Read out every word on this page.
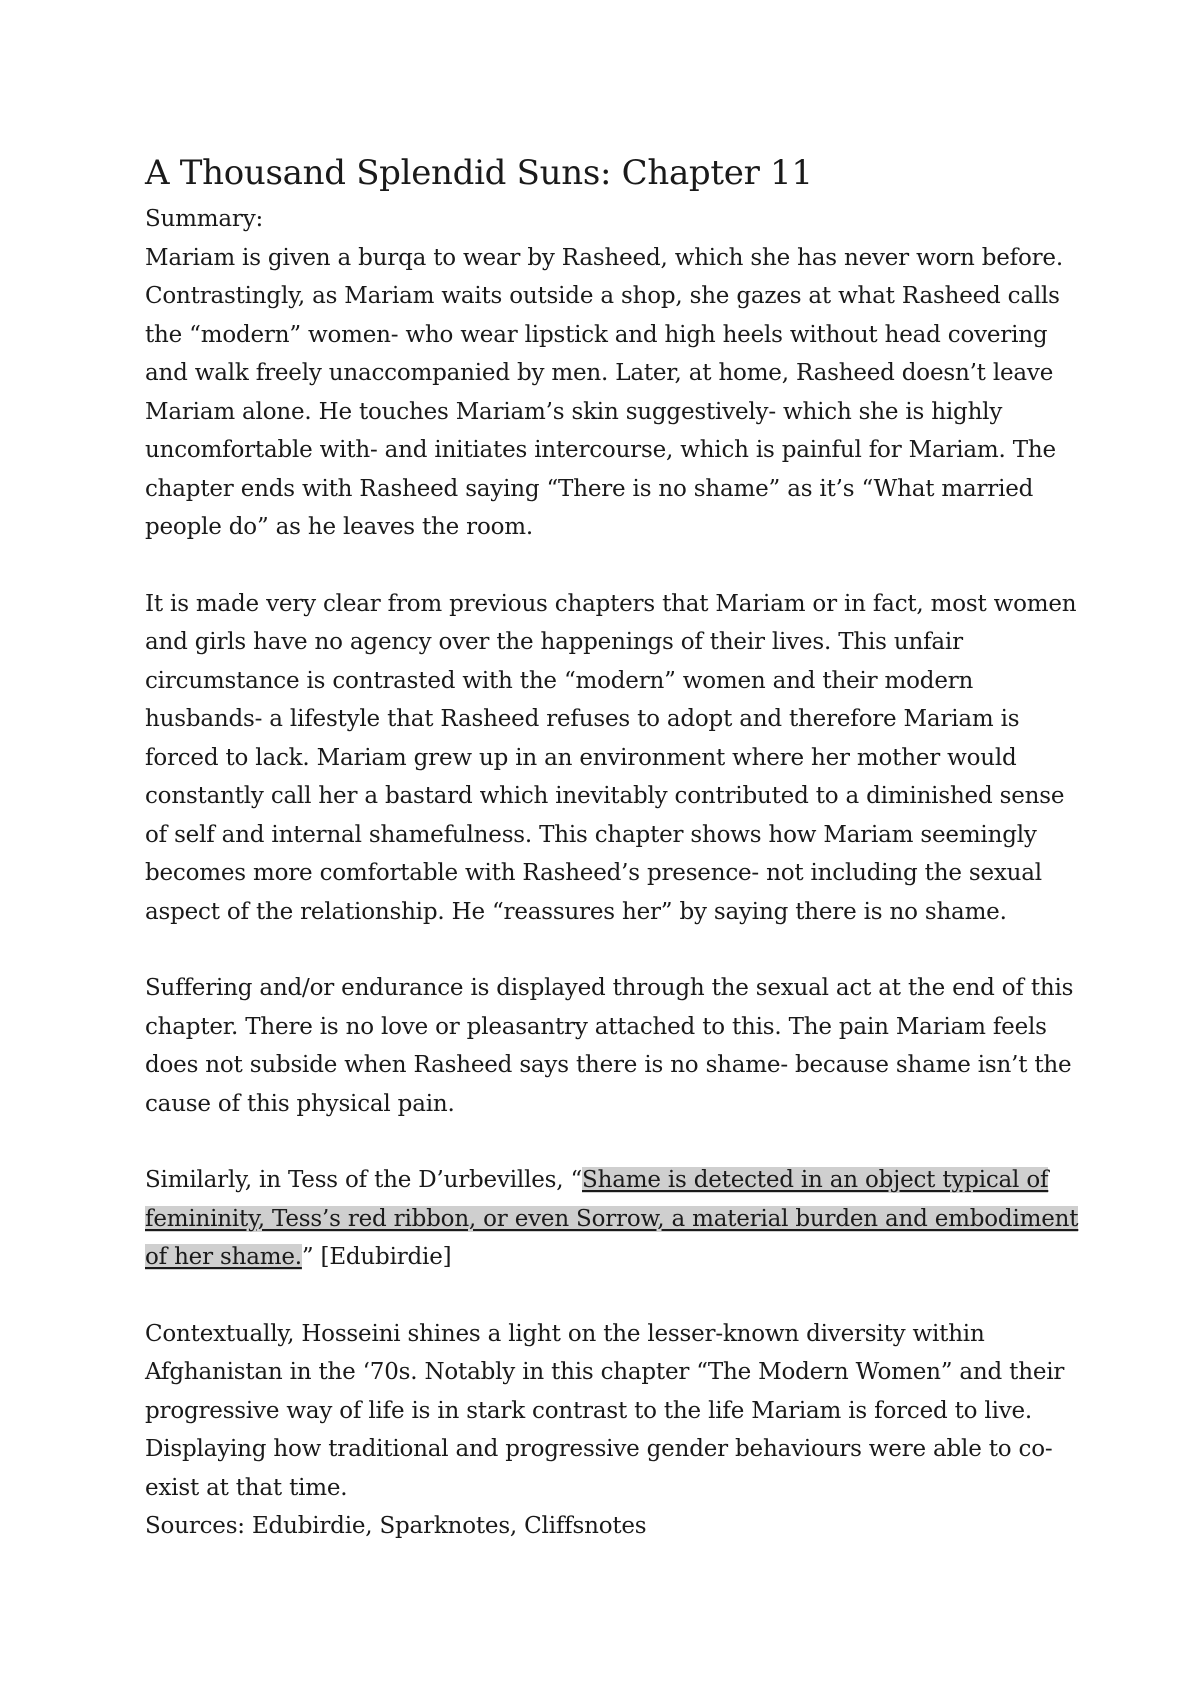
A Thousand Splendid Suns: Chapter 11

Summary:

Mariam is given a burqa to wear by Rasheed, which she has never worn before. Contrastingly, as Mariam waits outside a shop, she gazes at what Rasheed calls the “modern” women- who wear lipstick and high heels without head covering and walk freely unaccompanied by men. Later, at home, Rasheed doesn’t leave Mariam alone. He touches Mariam’s skin suggestively- which she is highly uncomfortable with- and initiates intercourse, which is painful for Mariam. The chapter ends with Rasheed saying “There is no shame” as it’s “What married people do” as he leaves the room.

It is made very clear from previous chapters that Mariam or in fact, most women and girls have no agency over the happenings of their lives. This unfair circumstance is contrasted with the “modern” women and their modern husbands- a lifestyle that Rasheed refuses to adopt and therefore Mariam is forced to lack. Mariam grew up in an environment where her mother would constantly call her a bastard which inevitably contributed to a diminished sense of self and internal shamefulness. This chapter shows how Mariam seemingly becomes more comfortable with Rasheed’s presence- not including the sexual aspect of the relationship. He “reassures her” by saying there is no shame.

Suffering and/or endurance is displayed through the sexual act at the end of this chapter. There is no love or pleasantry attached to this. The pain Mariam feels does not subside when Rasheed says there is no shame- because shame isn’t the cause of this physical pain.

Similarly, in Tess of the D’urbevilles, “Shame is detected in an object typical of femininity, Tess’s red ribbon, or even Sorrow, a material burden and embodiment of her shame.” [Edubirdie]

Contextually, Hosseini shines a light on the lesser-known diversity within Afghanistan in the ‘70s. Notably in this chapter “The Modern Women” and their progressive way of life is in stark contrast to the life Mariam is forced to live. Displaying how traditional and progressive gender behaviours were able to co-exist at that time.

Sources: Edubirdie, Sparknotes, Cliffsnotes
